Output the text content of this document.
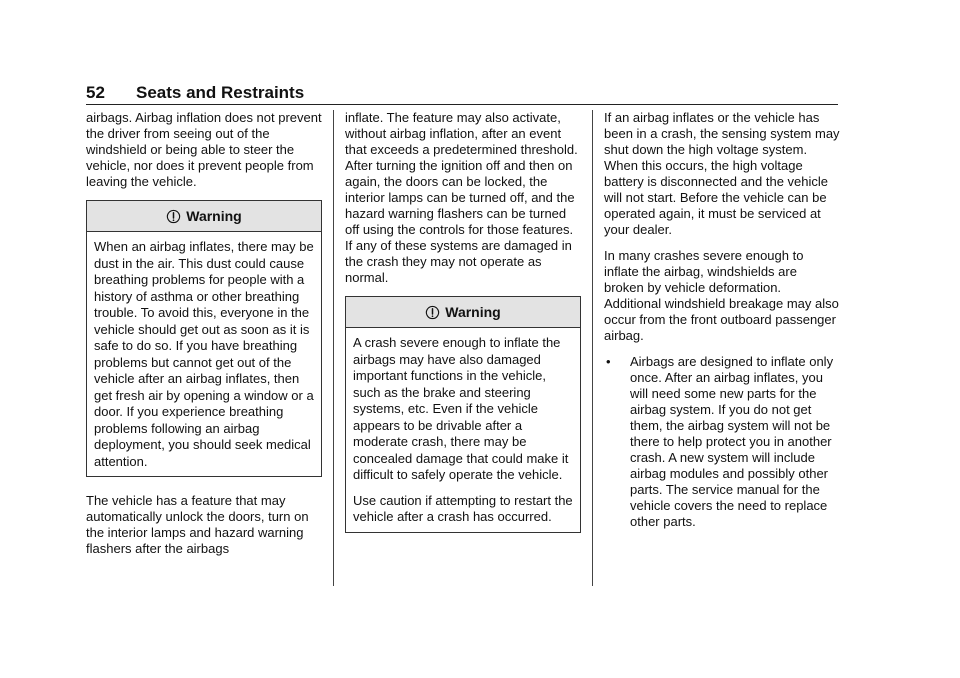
52 Seats and Restraints

airbags. Airbag inflation does not prevent the driver from seeing out of the windshield or being able to steer the vehicle, nor does it prevent people from leaving the vehicle.

Warning

When an airbag inflates, there may be dust in the air. This dust could cause breathing problems for people with a history of asthma or other breathing trouble. To avoid this, everyone in the vehicle should get out as soon as it is safe to do so. If you have breathing problems but cannot get out of the vehicle after an airbag inflates, then get fresh air by opening a window or a door. If you experience breathing problems following an airbag deployment, you should seek medical attention.

The vehicle has a feature that may automatically unlock the doors, turn on the interior lamps and hazard warning flashers after the airbags

inflate. The feature may also activate, without airbag inflation, after an event that exceeds a predetermined threshold. After turning the ignition off and then on again, the doors can be locked, the interior lamps can be turned off, and the hazard warning flashers can be turned off using the controls for those features. If any of these systems are damaged in the crash they may not operate as normal.

Warning

A crash severe enough to inflate the airbags may have also damaged important functions in the vehicle, such as the brake and steering systems, etc. Even if the vehicle appears to be drivable after a moderate crash, there may be concealed damage that could make it difficult to safely operate the vehicle.

Use caution if attempting to restart the vehicle after a crash has occurred.

If an airbag inflates or the vehicle has been in a crash, the sensing system may shut down the high voltage system. When this occurs, the high voltage battery is disconnected and the vehicle will not start. Before the vehicle can be operated again, it must be serviced at your dealer.

In many crashes severe enough to inflate the airbag, windshields are broken by vehicle deformation. Additional windshield breakage may also occur from the front outboard passenger airbag.

•	Airbags are designed to inflate only once. After an airbag inflates, you will need some new parts for the airbag system. If you do not get them, the airbag system will not be there to help protect you in another crash. A new system will include airbag modules and possibly other parts. The service manual for the vehicle covers the need to replace other parts.
